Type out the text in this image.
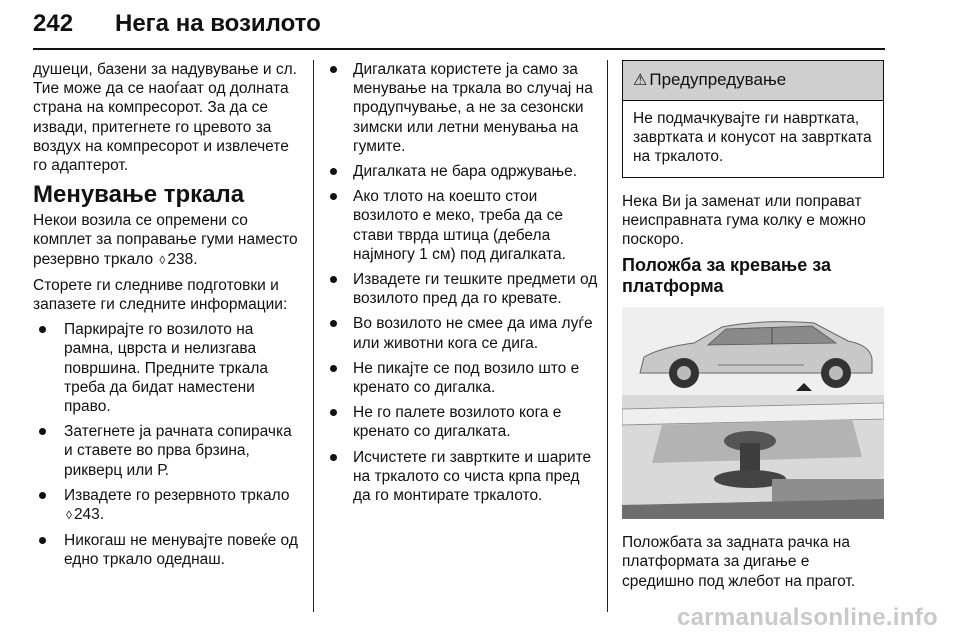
242 Нега на возилото

душеци, базени за надувување и сл. Тие може да се наоѓаат од долната страна на компресорот. За да се извади, притегнете го цревото за воздух на компресорот и извлечете го адаптерот.

Менување тркала

Некои возила се опремени со комплет за поправање гуми наместо резервно тркало ◊ 238.

Сторете ги следниве подготовки и запазете ги следните информации:

Паркирајте го возилото на рамна, цврста и нелизгава површина. Предните тркала треба да бидат наместени право.
Затегнете ја рачната сопирачка и ставете во прва брзина, рикверц или Р.
Извадете го резервното тркало
◊ 243.
Никогаш не менувајте повеќе од едно тркало одеднаш.
Дигалката користете ја само за менување на тркала во случај на продупчување, а не за сезонски зимски или летни менувања на гумите.
Дигалката не бара одржување.
Ако тлото на коешто стои возилото е меко, треба да се стави тврда штица (дебела најмногу 1 см) под дигалката.
Извадете ги тешките предмети од возилото пред да го кревате.
Во возилото не смее да има луѓе или животни кога се дига.
Не пикајте се под возило што е кренато со дигалка.
Не го палете возилото кога е кренато со дигалката.
Исчистете ги завртките и шарите на тркалото со чиста крпа пред да го монтирате тркалото.
⚠ Предупредување
Не подмачкувајте ги навртката, завртката и конусот на завртката на тркалото.

Нека Ви ја заменат или поправат неисправната гума колку е можно поскоро.

Положба за кревање за платформа

Положбата за задната рачка на платформата за дигање е средишно под жлебот на прагот.

carmanualsonline.info
